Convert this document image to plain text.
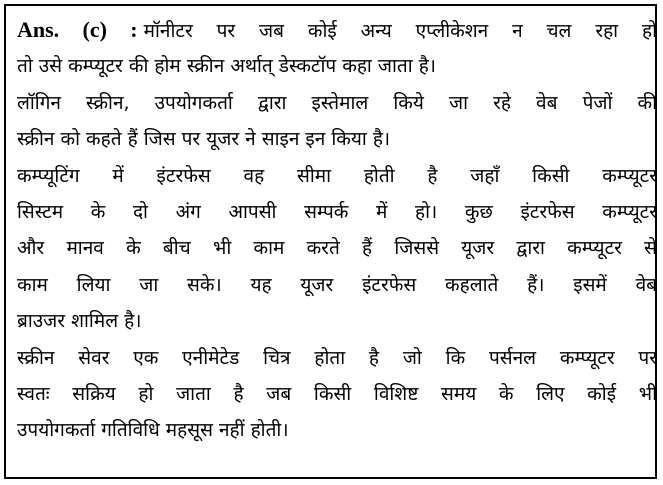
Ans. (c) : मॉनीटर पर जब कोई अन्य एप्लीकेशन न चल रहा हो
तो उसे कम्प्यूटर की होम स्क्रीन अर्थात् डेस्कटॉप कहा जाता है।
लॉगिन स्क्रीन, उपयोगकर्ता द्वारा इस्तेमाल किये जा रहे वेब पेजों की
स्क्रीन को कहते हैं जिस पर यूजर ने साइन इन किया है।
कम्प्यूटिंग में इंटरफेस वह सीमा होती है जहाँ किसी कम्प्यूटर
सिस्टम के दो अंग आपसी सम्पर्क में हो। कुछ इंटरफेस कम्प्यूटर
और मानव के बीच भी काम करते हैं जिससे यूजर द्वारा कम्प्यूटर से
काम लिया जा सके। यह यूजर इंटरफेस कहलाते हैं। इसमें वेब
ब्राउजर शामिल है।
स्क्रीन सेवर एक एनीमेटेड चित्र होता है जो कि पर्सनल कम्प्यूटर पर
स्वतः सक्रिय हो जाता है जब किसी विशिष्ट समय के लिए कोई भी
उपयोगकर्ता गतिविधि महसूस नहीं होती।
